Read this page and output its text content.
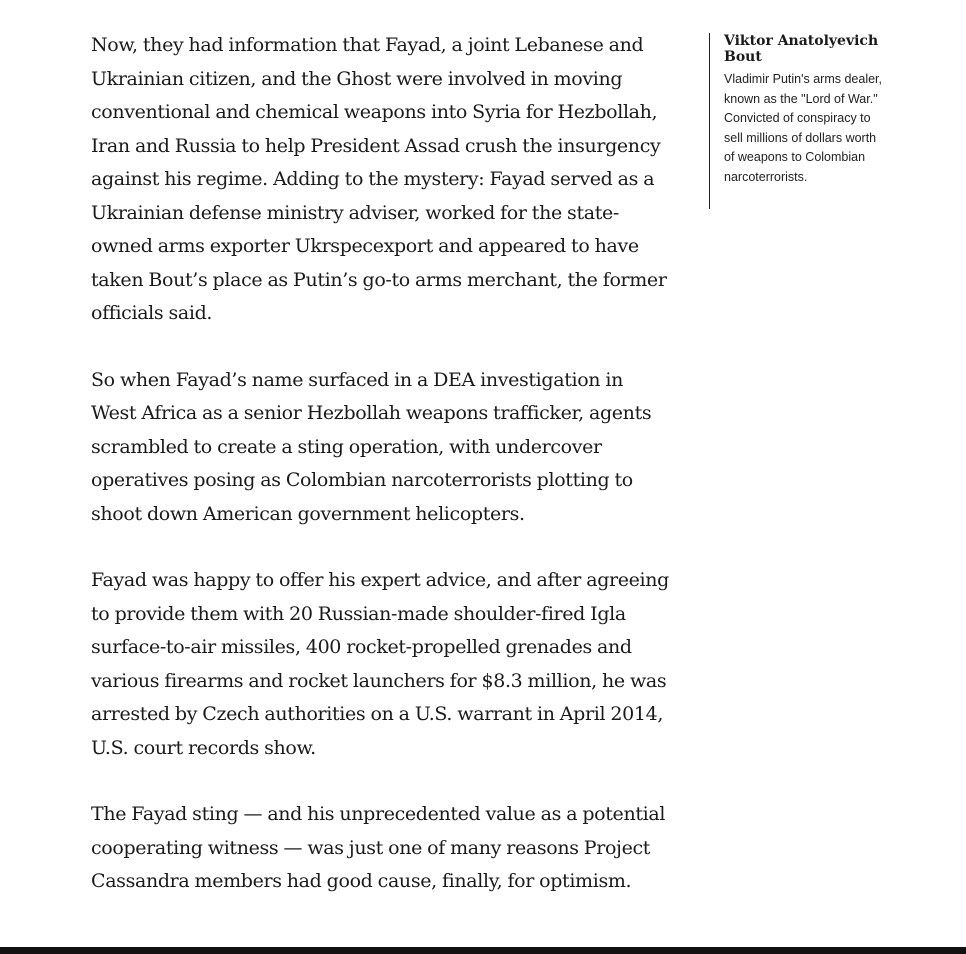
Now, they had information that Fayad, a joint Lebanese and Ukrainian citizen, and the Ghost were involved in moving conventional and chemical weapons into Syria for Hezbollah, Iran and Russia to help President Assad crush the insurgency against his regime. Adding to the mystery: Fayad served as a Ukrainian defense ministry adviser, worked for the state-owned arms exporter Ukrspecexport and appeared to have taken Bout’s place as Putin’s go-to arms merchant, the former officials said.

So when Fayad’s name surfaced in a DEA investigation in West Africa as a senior Hezbollah weapons trafficker, agents scrambled to create a sting operation, with undercover operatives posing as Colombian narcoterrorists plotting to shoot down American government helicopters.

Fayad was happy to offer his expert advice, and after agreeing to provide them with 20 Russian-made shoulder-fired Igla surface-to-air missiles, 400 rocket-propelled grenades and various firearms and rocket launchers for $8.3 million, he was arrested by Czech authorities on a U.S. warrant in April 2014, U.S. court records show.

The Fayad sting — and his unprecedented value as a potential cooperating witness — was just one of many reasons Project Cassandra members had good cause, finally, for optimism.

Viktor Anatolyevich Bout

Vladimir Putin's arms dealer, known as the "Lord of War." Convicted of conspiracy to sell millions of dollars worth of weapons to Colombian narcoterrorists.
